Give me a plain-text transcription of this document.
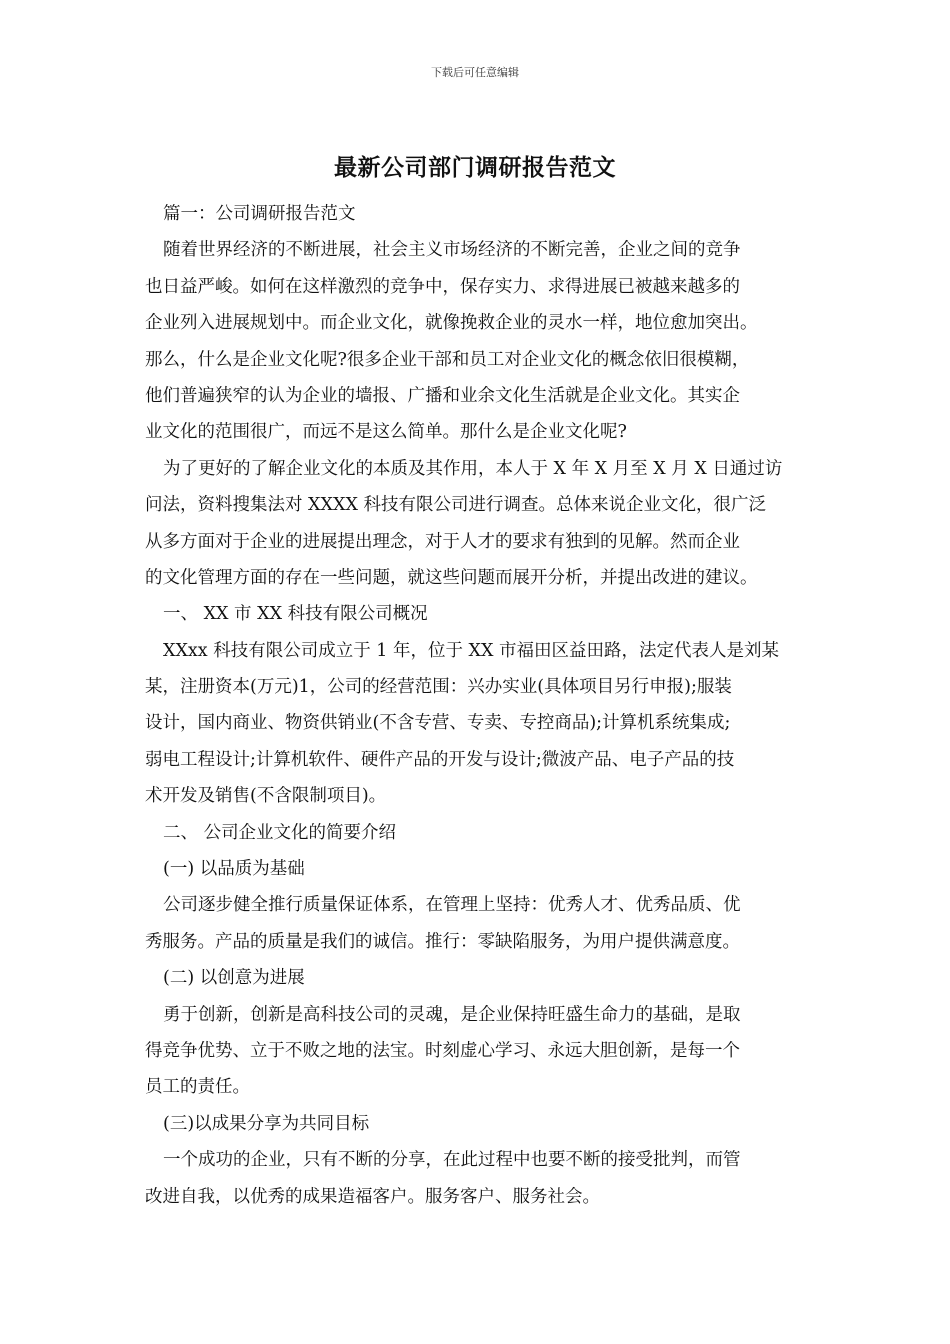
下载后可任意编辑
最新公司部门调研报告范文
篇一：公司调研报告范文
随着世界经济的不断进展，社会主义市场经济的不断完善，企业之间的竞争
也日益严峻。如何在这样激烈的竞争中，保存实力、求得进展已被越来越多的
企业列入进展规划中。而企业文化，就像挽救企业的灵水一样，地位愈加突出。
那么，什么是企业文化呢?很多企业干部和员工对企业文化的概念依旧很模糊，
他们普遍狭窄的认为企业的墙报、广播和业余文化生活就是企业文化。其实企
业文化的范围很广，而远不是这么简单。那什么是企业文化呢?
为了更好的了解企业文化的本质及其作用，本人于 X 年 X 月至 X 月 X 日通过访
问法，资料搜集法对 XXXX 科技有限公司进行调查。总体来说企业文化，很广泛
从多方面对于企业的进展提出理念，对于人才的要求有独到的见解。然而企业
的文化管理方面的存在一些问题，就这些问题而展开分析，并提出改进的建议。
一、 XX 市 XX 科技有限公司概况
XXxx 科技有限公司成立于 1 年，位于 XX 市福田区益田路，法定代表人是刘某
某，注册资本(万元)1，公司的经营范围：兴办实业(具体项目另行申报);服装
设计，国内商业、物资供销业(不含专营、专卖、专控商品);计算机系统集成;
弱电工程设计;计算机软件、硬件产品的开发与设计;微波产品、电子产品的技
术开发及销售(不含限制项目)。
二、 公司企业文化的简要介绍
(一) 以品质为基础
公司逐步健全推行质量保证体系，在管理上坚持：优秀人才、优秀品质、优
秀服务。产品的质量是我们的诚信。推行：零缺陷服务，为用户提供满意度。
(二) 以创意为进展
勇于创新，创新是高科技公司的灵魂，是企业保持旺盛生命力的基础，是取
得竞争优势、立于不败之地的法宝。时刻虚心学习、永远大胆创新，是每一个
员工的责任。
(三)以成果分享为共同目标
一个成功的企业，只有不断的分享，在此过程中也要不断的接受批判，而管
改进自我，以优秀的成果造福客户。服务客户、服务社会。
